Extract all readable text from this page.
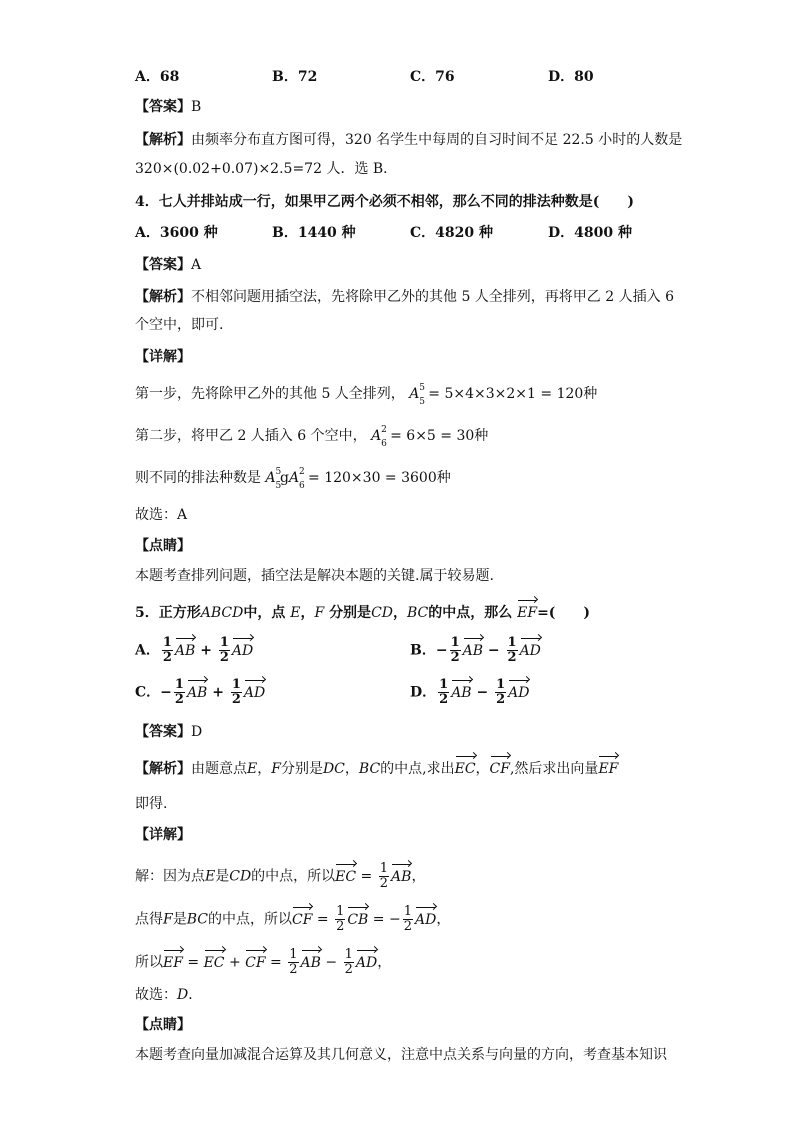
A．68	B．72	C．76	D．80
【答案】B
【解析】由频率分布直方图可得，320 名学生中每周的自习时间不足 22.5 小时的人数是
320×(0.02+0.07)×2.5=72 人．选 B．
4．七人并排站成一行，如果甲乙两个必须不相邻，那么不同的排法种数是(　　)
A．3600 种	B．1440 种	C．4820 种	D．4800 种
【答案】A
【解析】不相邻问题用插空法，先将除甲乙外的其他 5 人全排列，再将甲乙 2 人插入 6
个空中，即可.
【详解】
第一步，先将除甲乙外的其他 5 人全排列， A 5
5 = 5×4×3×2×1 = 120种
第二步，将甲乙 2 人插入 6 个空中， A 2
6 = 6×5 = 30种
则不同的排法种数是 A 5
5
gA 2
6 = 120×30 = 3600种
故选：A
【点睛】
本题考查排列问题，插空法是解决本题的关键.属于较易题.
5．正方形ABCD中，点 E，F 分别是CD，BC的中点，那么 EF=(　　)
A． $\frac{1}{2}$ AB + $\frac{1}{2}$ AD	B．− $\frac{1}{2}$ AB − $\frac{1}{2}$ AD
C．− $\frac{1}{2}$ AB + $\frac{1}{2}$ AD	D． $\frac{1}{2}$ AB − $\frac{1}{2}$ AD
【答案】D
【解析】由题意点E，F分别是DC，BC的中点,求出EC，CF,然后求出向量EF
即得.
【详解】
解：因为点E是CD的中点，所以EC = $\frac{1}{2}$ AB，
点得F是BC的中点，所以CF = $\frac{1}{2}$ CB = − $\frac{1}{2}$ AD，
所以EF = EC + CF = $\frac{1}{2}$ AB − $\frac{1}{2}$ AD，
故选：D．
【点睛】
本题考查向量加减混合运算及其几何意义，注意中点关系与向量的方向，考查基本知识
